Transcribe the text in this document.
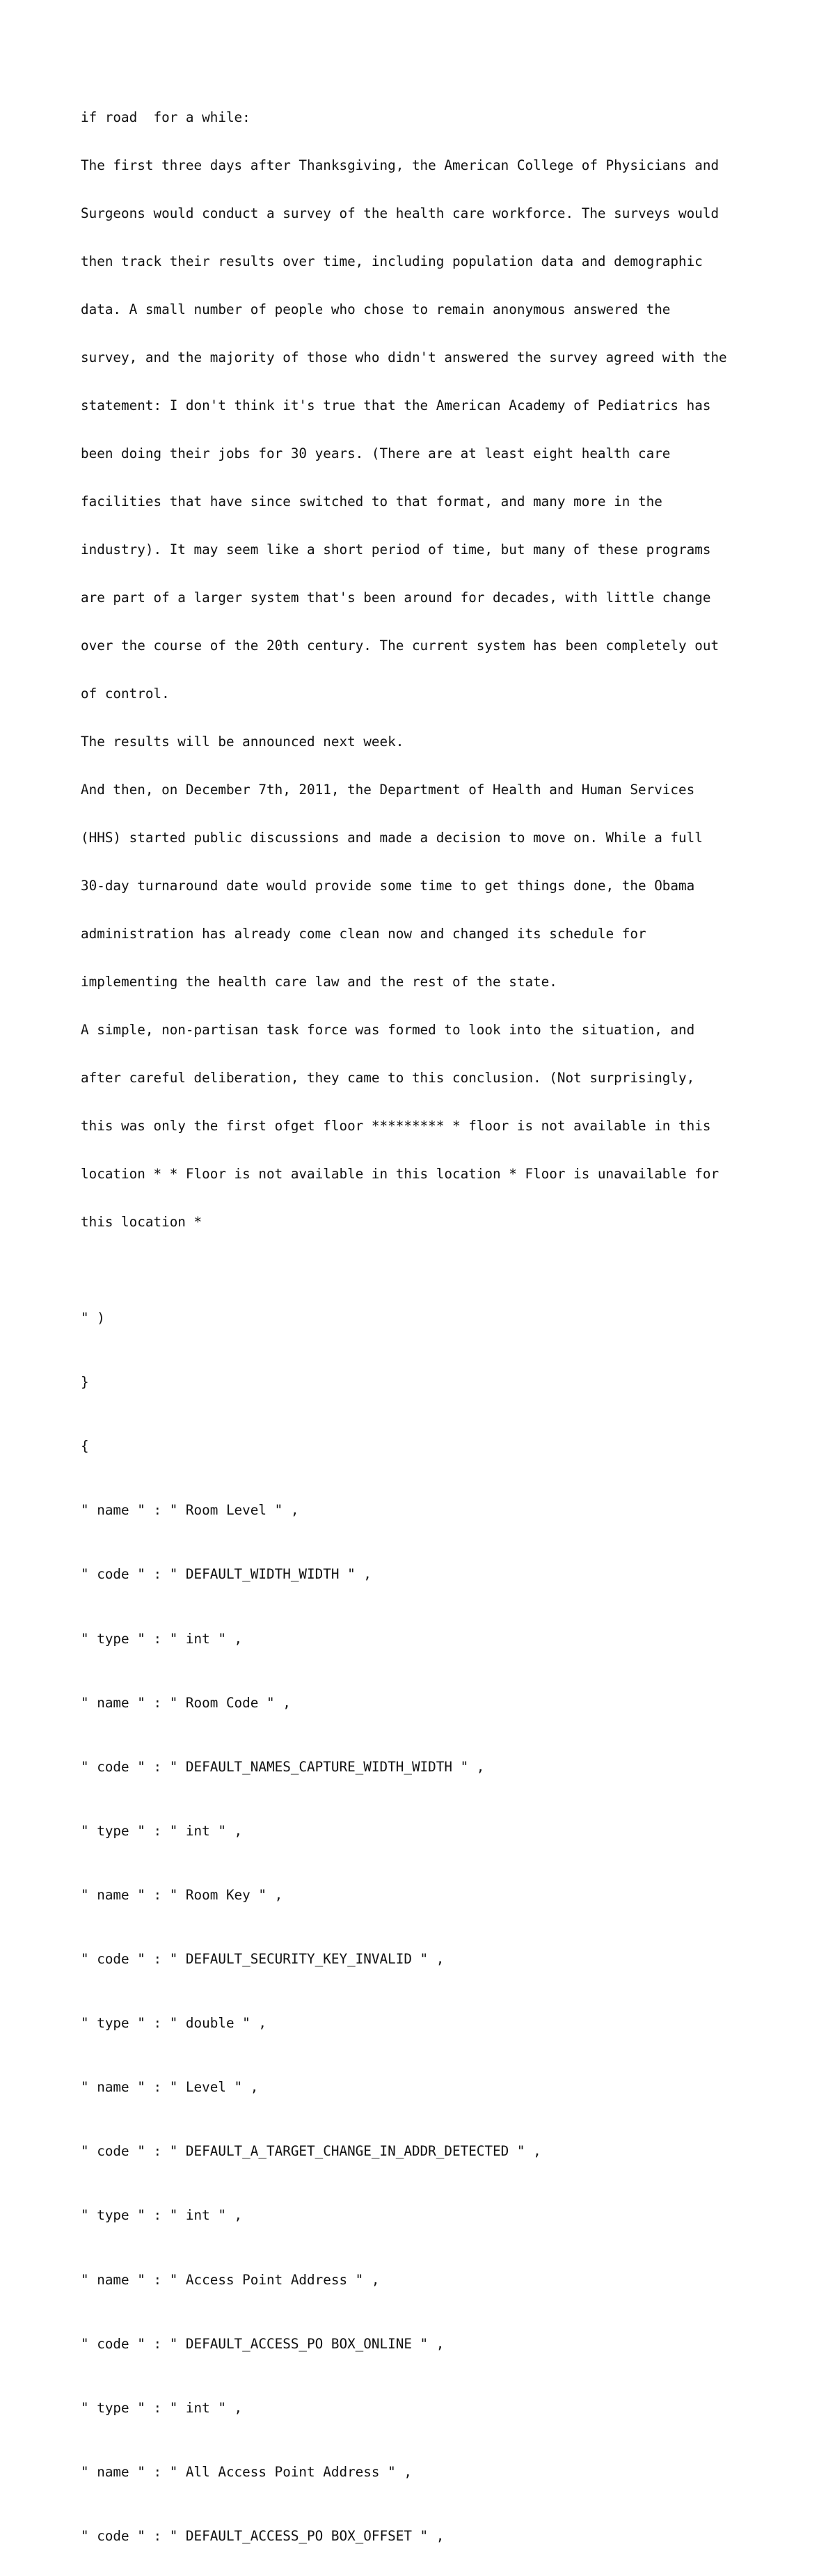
if road  for a while:

The first three days after Thanksgiving, the American College of Physicians and

Surgeons would conduct a survey of the health care workforce. The surveys would

then track their results over time, including population data and demographic

data. A small number of people who chose to remain anonymous answered the

survey, and the majority of those who didn't answered the survey agreed with the

statement: I don't think it's true that the American Academy of Pediatrics has

been doing their jobs for 30 years. (There are at least eight health care

facilities that have since switched to that format, and many more in the

industry). It may seem like a short period of time, but many of these programs

are part of a larger system that's been around for decades, with little change

over the course of the 20th century. The current system has been completely out

of control.

The results will be announced next week.

And then, on December 7th, 2011, the Department of Health and Human Services

(HHS) started public discussions and made a decision to move on. While a full

30-day turnaround date would provide some time to get things done, the Obama

administration has already come clean now and changed its schedule for

implementing the health care law and the rest of the state.

A simple, non-partisan task force was formed to look into the situation, and

after careful deliberation, they came to this conclusion. (Not surprisingly,

this was only the first ofget floor ********* * floor is not available in this

location * * Floor is not available in this location * Floor is unavailable for

this location *

" )

}

{

" name " : " Room Level " ,

" code " : " DEFAULT_WIDTH_WIDTH " ,

" type " : " int " ,

" name " : " Room Code " ,

" code " : " DEFAULT_NAMES_CAPTURE_WIDTH_WIDTH " ,

" type " : " int " ,

" name " : " Room Key " ,

" code " : " DEFAULT_SECURITY_KEY_INVALID " ,

" type " : " double " ,

" name " : " Level " ,

" code " : " DEFAULT_A_TARGET_CHANGE_IN_ADDR_DETECTED " ,

" type " : " int " ,

" name " : " Access Point Address " ,

" code " : " DEFAULT_ACCESS_PO BOX_ONLINE " ,

" type " : " int " ,

" name " : " All Access Point Address " ,

" code " : " DEFAULT_ACCESS_PO BOX_OFFSET " ,
